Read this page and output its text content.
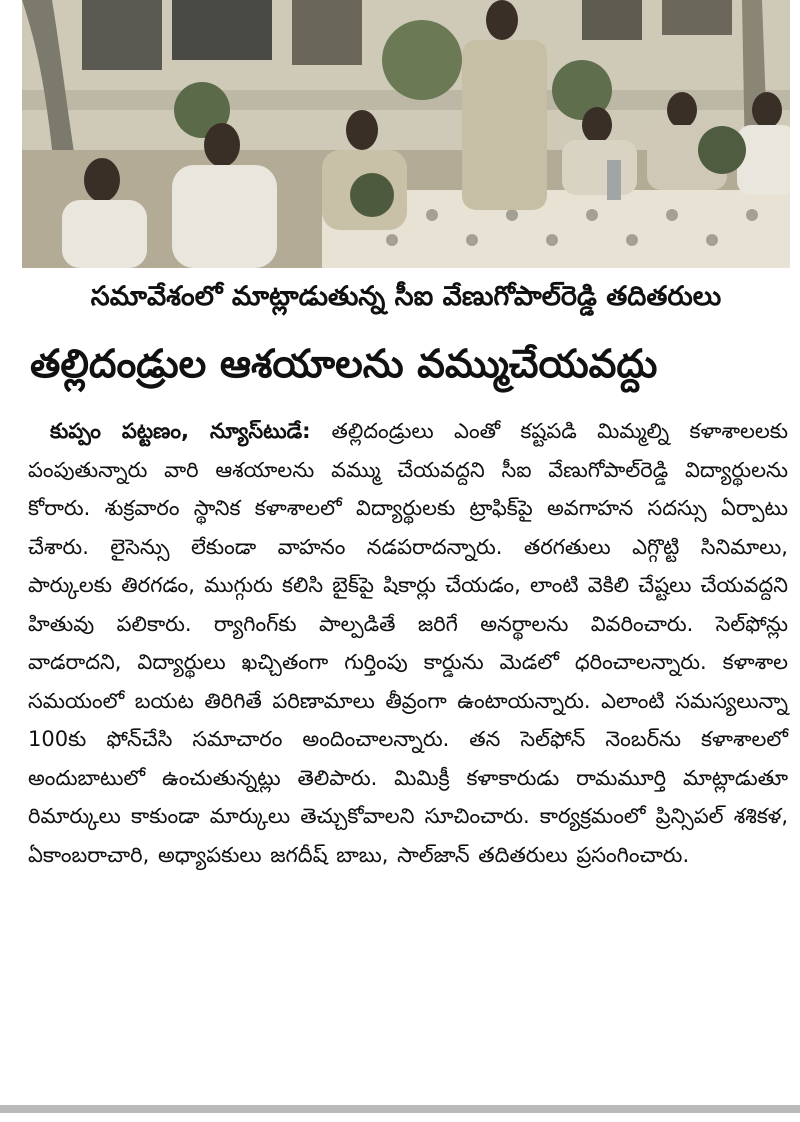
సమావేశంలో మాట్లాడుతున్న సీఐ వేణుగోపాల్‌రెడ్డి తదితరులు
తల్లిదండ్రుల ఆశయాలను వమ్ముచేయవద్దు
కుప్పం పట్టణం, న్యూస్‌టుడే: తల్లిదండ్రులు ఎంతో కష్టపడి మిమ్మల్ని కళాశాలలకు పంపుతున్నారు వారి ఆశయాలను వమ్ము చేయవద్దని సీఐ వేణుగోపాల్‌రెడ్డి విద్యార్థులను కోరారు. శుక్రవారం స్థానిక కళాశాలలో విద్యార్థులకు ట్రాఫిక్‌పై అవగాహన సదస్సు ఏర్పాటు చేశారు. లైసెన్సు లేకుండా వాహనం నడపరాదన్నారు. తరగతులు ఎగ్గొట్టి సినిమాలు, పార్కులకు తిరగడం, ముగ్గురు కలిసి బైక్‌పై షికార్లు చేయడం, లాంటి వెకిలి చేష్టలు చేయవద్దని హితువు పలికారు. ర్యాగింగ్‌కు పాల్పడితే జరిగే అనర్థాలను వివరించారు. సెల్‌ఫోన్లు వాడరాదని, విద్యార్థులు ఖచ్చితంగా గుర్తింపు కార్డును మెడలో ధరించాలన్నారు. కళాశాల సమయంలో బయట తిరిగితే పరిణామాలు తీవ్రంగా ఉంటాయన్నారు. ఎలాంటి సమస్యలున్నా 100కు ఫోన్‌చేసి సమాచారం అందించాలన్నారు. తన సెల్‌ఫోన్ నెంబర్‌ను కళాశాలలో అందుబాటులో ఉంచుతున్నట్లు తెలిపారు. మిమిక్రీ కళాకారుడు రామమూర్తి మాట్లాడుతూ రిమార్కులు కాకుండా మార్కులు తెచ్చుకోవాలని సూచించారు. కార్యక్రమంలో ప్రిన్సిపల్ శశికళ, ఏకాంబరాచారి, అధ్యాపకులు జగదీష్ బాబు, సాల్‌జాన్ తదితరులు ప్రసంగించారు.
